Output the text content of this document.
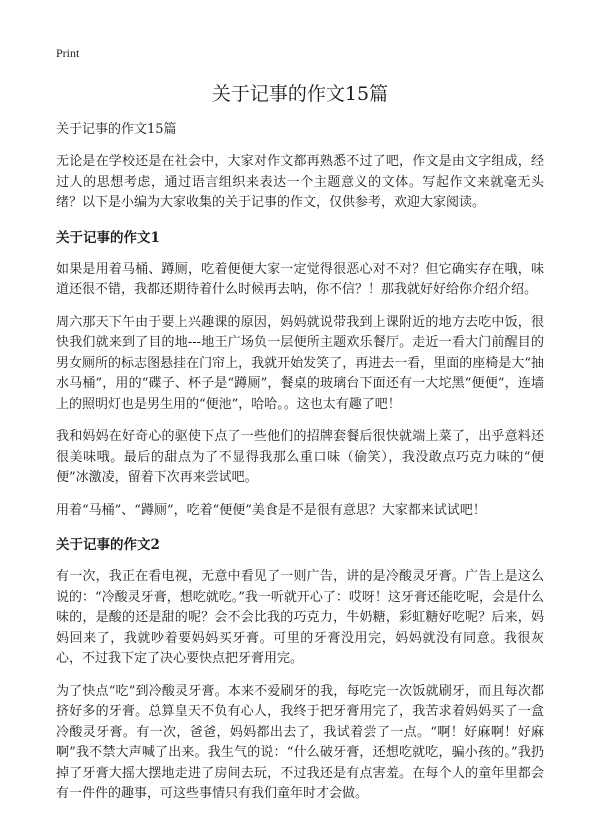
Print
关于记事的作文15篇
关于记事的作文15篇

无论是在学校还是在社会中，大家对作文都再熟悉不过了吧，作文是由文字组成，经过人的思想考虑，通过语言组织来表达一个主题意义的文体。写起作文来就毫无头绪？以下是小编为大家收集的关于记事的作文，仅供参考，欢迎大家阅读。

关于记事的作文1

如果是用着马桶、蹲厕，吃着便便大家一定觉得很恶心对不对？但它确实存在哦，味道还很不错，我都还期待着什么时候再去呐，你不信？！那我就好好给你介绍介绍。

周六那天下午由于要上兴趣课的原因，妈妈就说带我到上课附近的地方去吃中饭，很快我们就来到了目的地---地王广场负一层便所主题欢乐餐厅。走近一看大门前醒目的男女厕所的标志图悬挂在门帘上，我就开始发笑了，再进去一看，里面的座椅是大“抽水马桶”，用的“碟子、杯子是“蹲厕”，餐桌的玻璃台下面还有一大坨黑“便便”，连墙上的照明灯也是男生用的“便池”，哈哈。。这也太有趣了吧！

我和妈妈在好奇心的驱使下点了一些他们的招牌套餐后很快就端上菜了，出乎意料还很美味哦。最后的甜点为了不显得我那么重口味（偷笑），我没敢点巧克力味的“便便”冰激凌，留着下次再来尝试吧。

用着“马桶”、“蹲厕”，吃着“便便”美食是不是很有意思？大家都来试试吧！

关于记事的作文2

有一次，我正在看电视，无意中看见了一则广告，讲的是冷酸灵牙膏。广告上是这么说的：“冷酸灵牙膏，想吃就吃。”我一听就开心了：哎呀！这牙膏还能吃呢，会是什么味的，是酸的还是甜的呢？会不会比我的巧克力，牛奶糖，彩虹糖好吃呢？后来，妈妈回来了，我就吵着要妈妈买牙膏。可里的牙膏没用完，妈妈就没有同意。我很灰心，不过我下定了决心要快点把牙膏用完。

为了快点“吃”到冷酸灵牙膏。本来不爱刷牙的我，每吃完一次饭就刷牙，而且每次都挤好多的牙膏。总算皇天不负有心人，我终于把牙膏用完了，我苦求着妈妈买了一盒冷酸灵牙膏。有一次，爸爸，妈妈都出去了，我试着尝了一点。“啊！好麻啊！好麻啊”我不禁大声喊了出来。我生气的说：“什么破牙膏，还想吃就吃，骗小孩的。”我扔掉了牙膏大摇大摆地走进了房间去玩，不过我还是有点害羞。在每个人的童年里都会有一件件的趣事，可这些事情只有我们童年时才会做。
